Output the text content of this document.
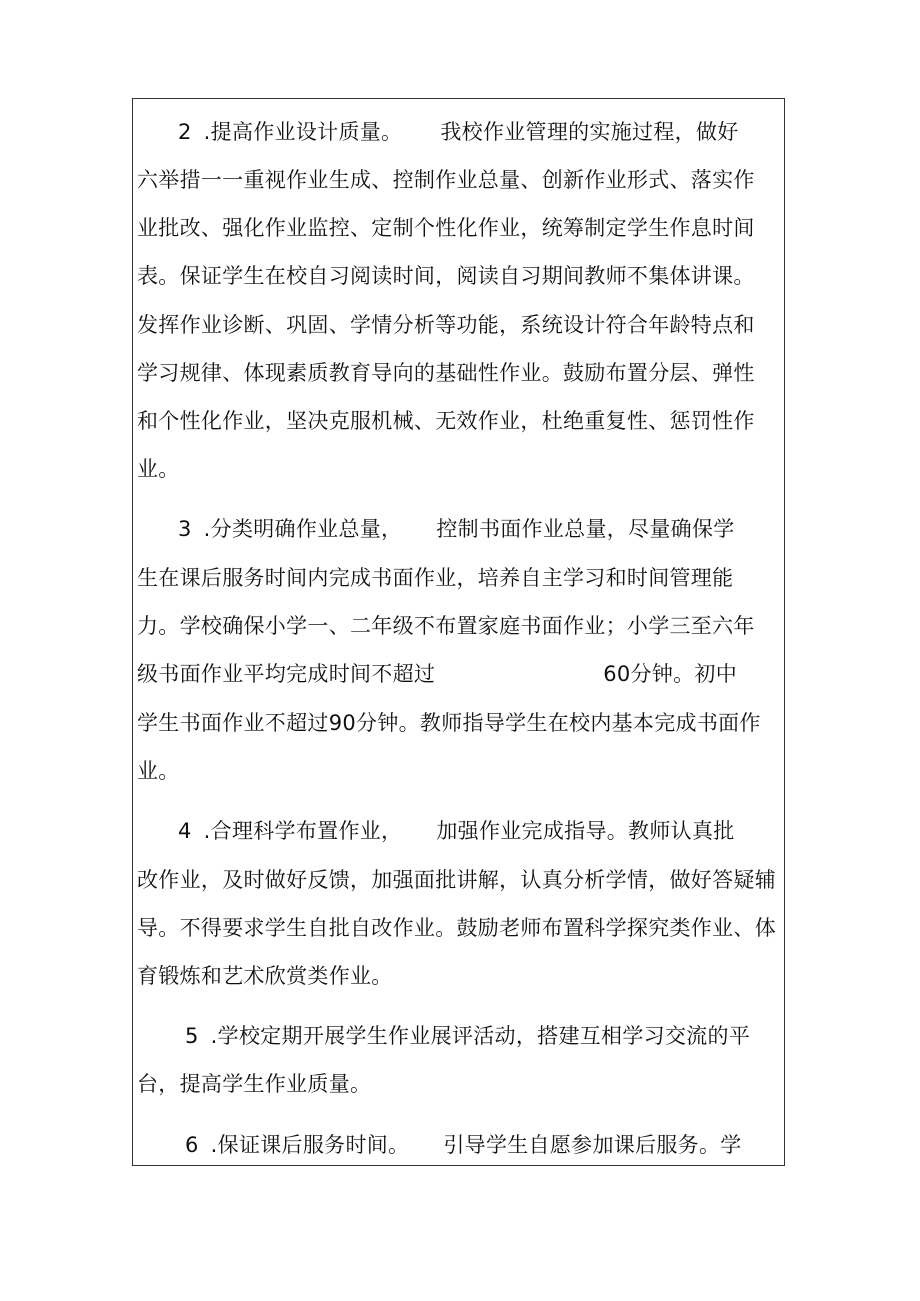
2 .提高作业设计质量。 我校作业管理的实施过程，做好
六举措一一重视作业生成、控制作业总量、创新作业形式、落实作
业批改、强化作业监控、定制个性化作业，统筹制定学生作息时间
表。保证学生在校自习阅读时间，阅读自习期间教师不集体讲课。
发挥作业诊断、巩固、学情分析等功能，系统设计符合年龄特点和
学习规律、体现素质教育导向的基础性作业。鼓励布置分层、弹性
和个性化作业，坚决克服机械、无效作业，杜绝重复性、惩罚性作
业。
3 .分类明确作业总量， 控制书面作业总量，尽量确保学
生在课后服务时间内完成书面作业，培养自主学习和时间管理能
力。学校确保小学一、二年级不布置家庭书面作业；小学三至六年
级书面作业平均完成时间不超过	60分钟。初中
学生书面作业不超过90分钟。教师指导学生在校内基本完成书面作
业。
4 .合理科学布置作业， 加强作业完成指导。教师认真批
改作业，及时做好反馈，加强面批讲解，认真分析学情，做好答疑辅
导。不得要求学生自批自改作业。鼓励老师布置科学探究类作业、体
育锻炼和艺术欣赏类作业。
5 .学校定期开展学生作业展评活动，搭建互相学习交流的平
台，提高学生作业质量。
6 .保证课后服务时间。 引导学生自愿参加课后服务。学
